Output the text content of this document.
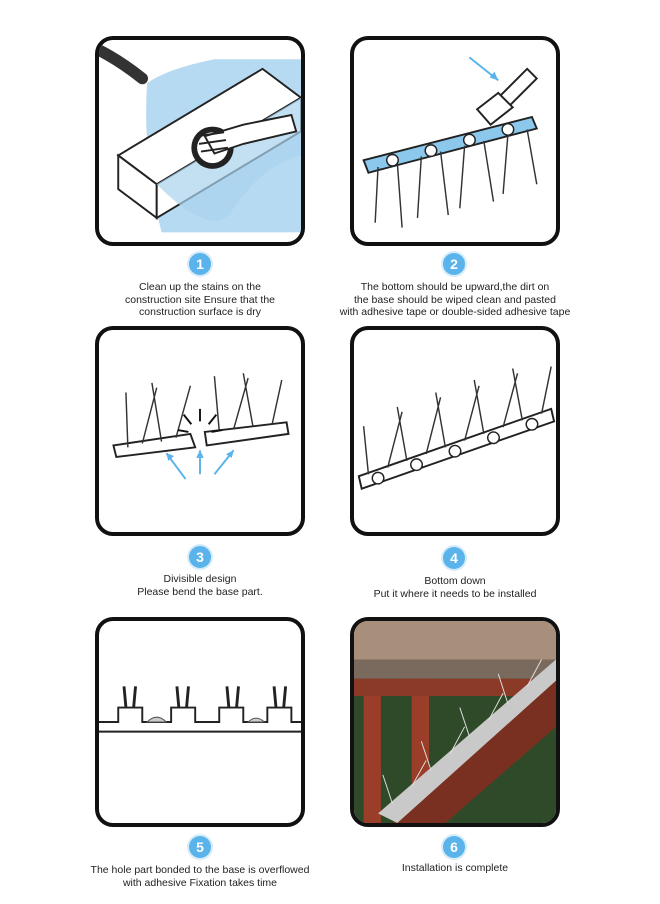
1	2
3	4
5	6
Clean up the stains on the
construction site Ensure that the
construction surface is dry
The bottom should be upward,the dirt on
the base should be wiped clean and pasted
with adhesive tape or double-sided adhesive tape
Divisible design
Please bend the base part.
Bottom down
Put it where it needs to be installed
The hole part bonded to the base is overflowed
with adhesive Fixation takes time
Installation is complete
